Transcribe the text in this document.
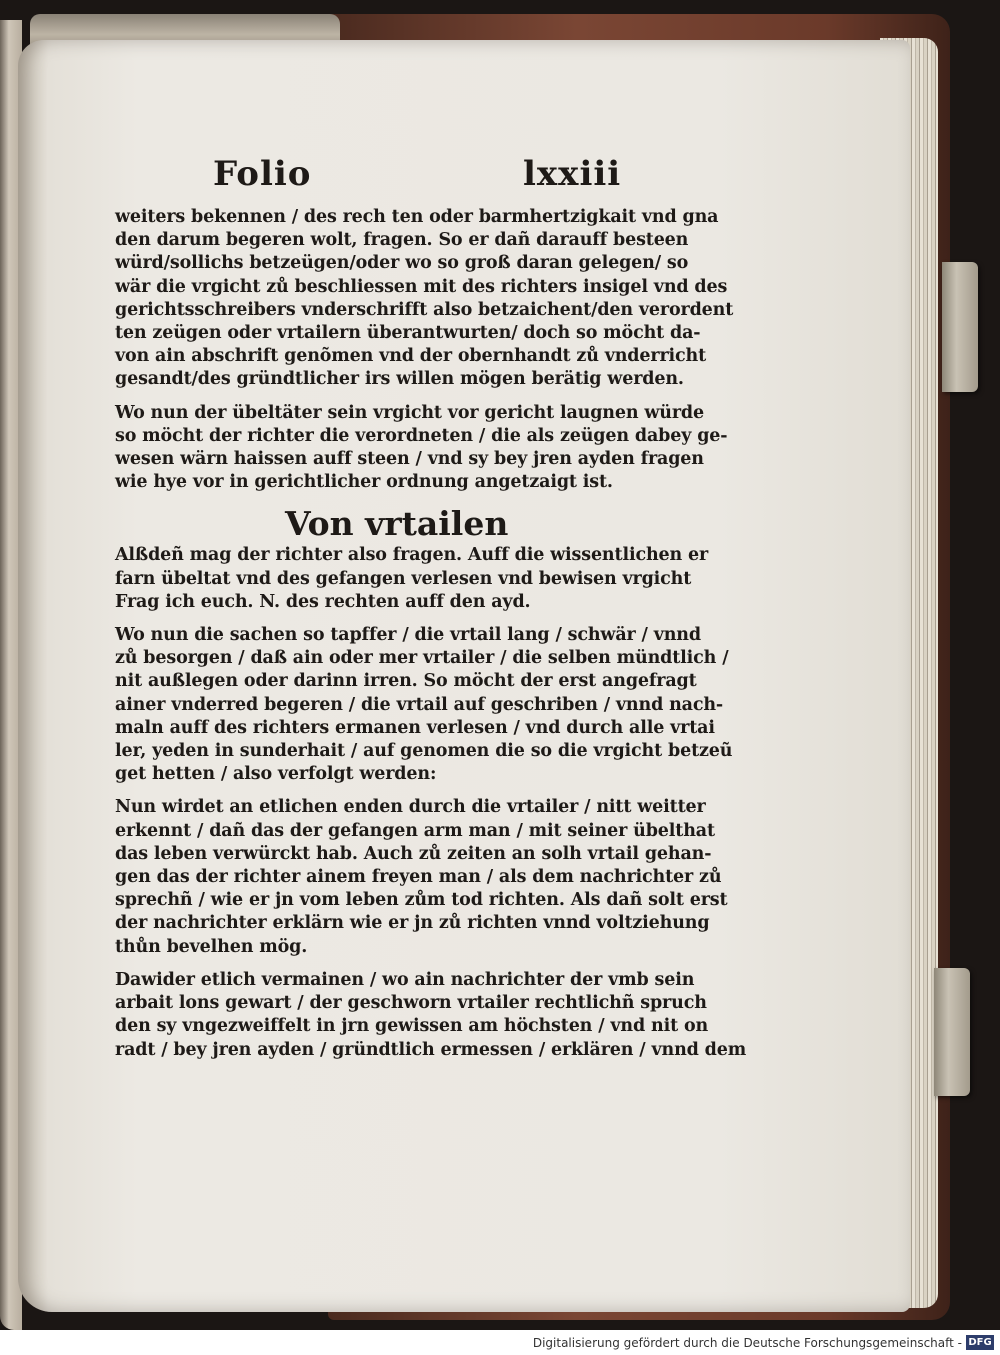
Folio	lxxiii
weiters bekennen / des rech ten oder barmhertzigkait vnd gna
den darum begeren wolt, fragen. So er dañ darauff besteen
würd/sollichs betzeügen/oder wo so groß daran gelegen/ so
wär die vrgicht zů beschliessen mit des richters insigel vnd des
gerichtsschreibers vnderschrifft also betzaichent/den verordent
ten zeügen oder vrtailern überantwurten/ doch so möcht da-
von ain abschrift genõmen vnd der obernhandt zů vnderricht
gesandt/des gründtlicher irs willen mögen berätig werden.
Wo nun der übeltäter sein vrgicht vor gericht laugnen würde
so möcht der richter die verordneten / die als zeügen dabey ge-
wesen wärn haissen auff steen / vnd sy bey jren ayden fragen
wie hye vor in gerichtlicher ordnung angetzaigt ist.
Von vrtailen
Alßdeñ mag der richter also fragen. Auff die wissentlichen er
farn übeltat vnd des gefangen verlesen vnd bewisen vrgicht
Frag ich euch. N. des rechten auff den ayd.
Wo nun die sachen so tapffer / die vrtail lang / schwär / vnnd
zů besorgen / daß ain oder mer vrtailer / die selben mündtlich /
nit außlegen oder darinn irren. So möcht der erst angefragt
ainer vnderred begeren / die vrtail auf geschriben / vnnd nach-
maln auff des richters ermanen verlesen / vnd durch alle vrtai
ler, yeden in sunderhait / auf genomen die so die vrgicht betzeũ
get hetten / also verfolgt werden:
Nun wirdet an etlichen enden durch die vrtailer / nitt weitter
erkennt / dañ das der gefangen arm man / mit seiner übelthat
das leben verwürckt hab. Auch zů zeiten an solh vrtail gehan-
gen das der richter ainem freyen man / als dem nachrichter zů
sprechñ / wie er jn vom leben zům tod richten. Als dañ solt erst
der nachrichter erklärn wie er jn zů richten vnnd voltziehung
thůn bevelhen mög.
Dawider etlich vermainen / wo ain nachrichter der vmb sein
arbait lons gewart / der geschworn vrtailer rechtlichñ spruch
den sy vngezweiffelt in jrn gewissen am höchsten / vnd nit on
radt / bey jren ayden / gründtlich ermessen / erklären / vnnd dem
Digitalisierung gefördert durch die Deutsche Forschungsgemeinschaft - DFG
